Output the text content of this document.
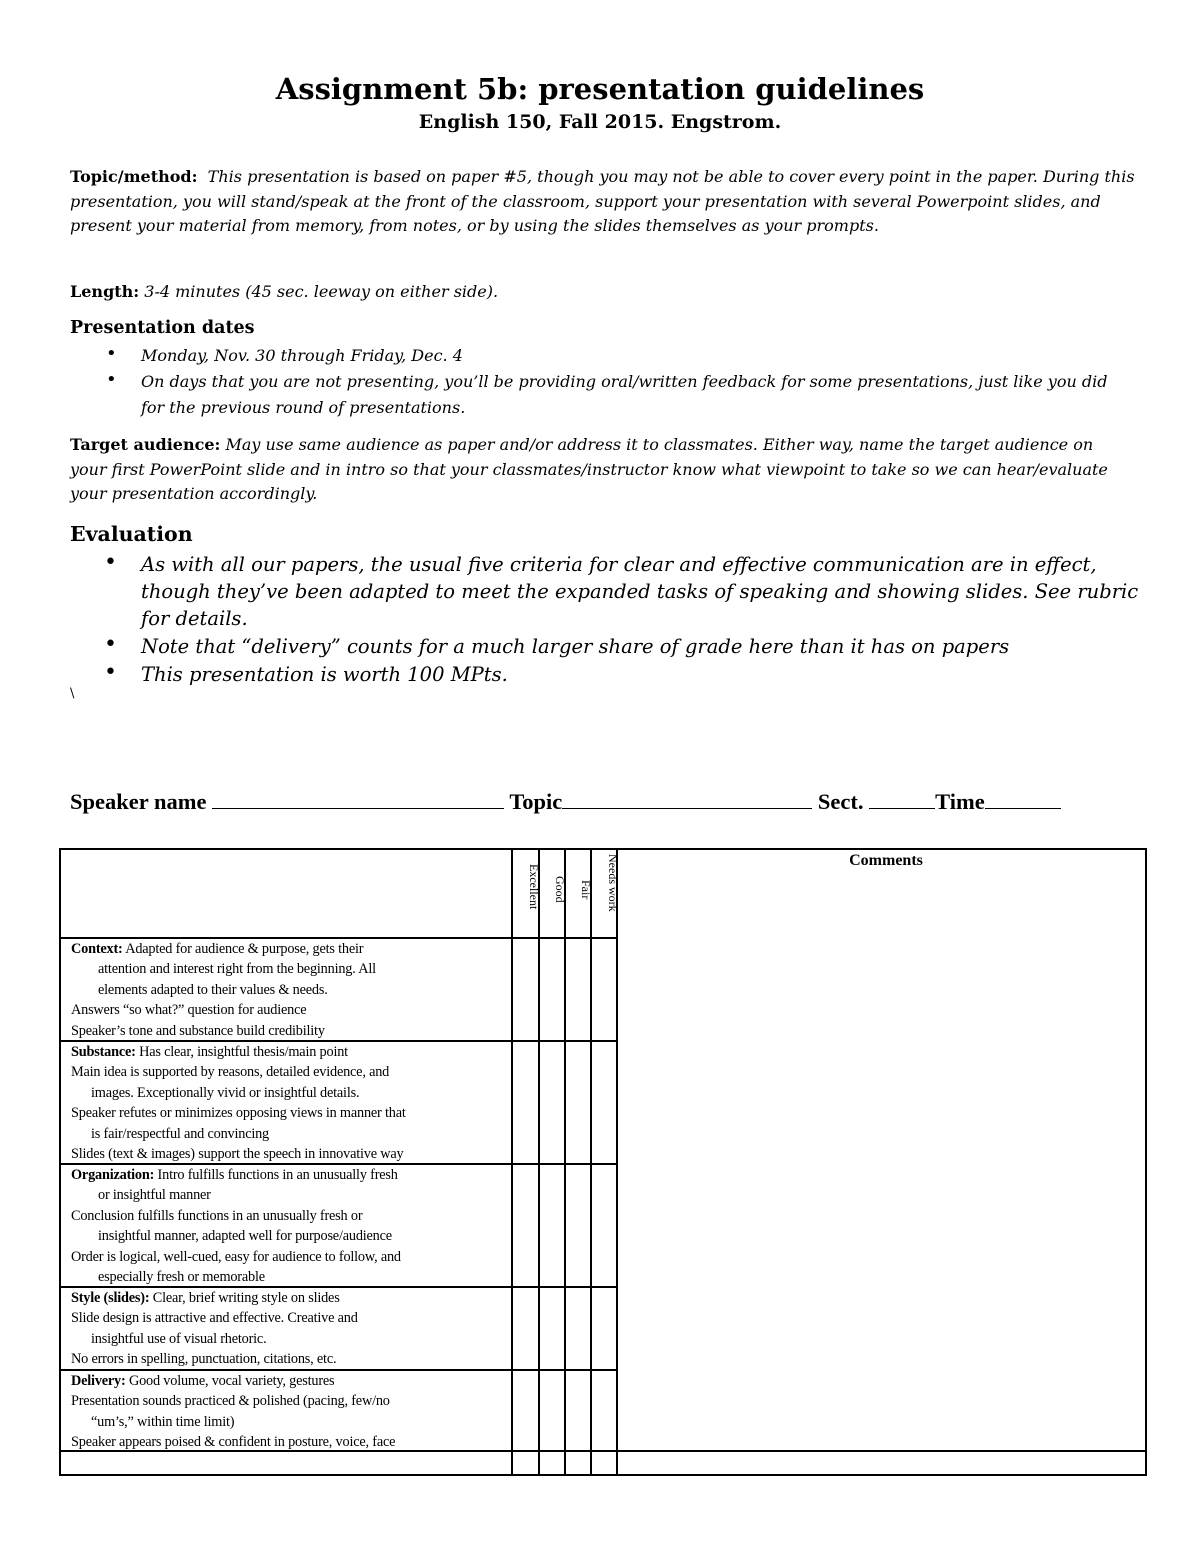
Assignment 5b: presentation guidelines
English 150, Fall 2015. Engstrom.
Topic/method: This presentation is based on paper #5, though you may not be able to cover every point in the paper. During this presentation, you will stand/speak at the front of the classroom, support your presentation with several Powerpoint slides, and present your material from memory, from notes, or by using the slides themselves as your prompts.
Length: 3-4 minutes (45 sec. leeway on either side).
Presentation dates
• Monday, Nov. 30 through Friday, Dec. 4
• On days that you are not presenting, you’ll be providing oral/written feedback for some presentations, just like you did for the previous round of presentations.
Target audience: May use same audience as paper and/or address it to classmates. Either way, name the target audience on your first PowerPoint slide and in intro so that your classmates/instructor know what viewpoint to take so we can hear/evaluate your presentation accordingly.
Evaluation
• As with all our papers, the usual five criteria for clear and effective communication are in effect, though they’ve been adapted to meet the expanded tasks of speaking and showing slides. See rubric for details.
• Note that “delivery” counts for a much larger share of grade here than it has on papers
• This presentation is worth 100 MPts.
\
Speaker name	Topic	Sect.	Time
Excellent Good Fair Needs work	Comments
Context: Adapted for audience & purpose, gets their
attention and interest right from the beginning. All
elements adapted to their values & needs.
Answers “so what?” question for audience
Speaker’s tone and substance build credibility
Substance: Has clear, insightful thesis/main point
Main idea is supported by reasons, detailed evidence, and
images. Exceptionally vivid or insightful details.
Speaker refutes or minimizes opposing views in manner that
is fair/respectful and convincing
Slides (text & images) support the speech in innovative way
Organization: Intro fulfills functions in an unusually fresh
or insightful manner
Conclusion fulfills functions in an unusually fresh or
insightful manner, adapted well for purpose/audience
Order is logical, well-cued, easy for audience to follow, and
especially fresh or memorable
Style (slides): Clear, brief writing style on slides
Slide design is attractive and effective. Creative and
insightful use of visual rhetoric.
No errors in spelling, punctuation, citations, etc.
Delivery: Good volume, vocal variety, gestures
Presentation sounds practiced & polished (pacing, few/no
“um’s,” within time limit)
Speaker appears poised & confident in posture, voice, face
